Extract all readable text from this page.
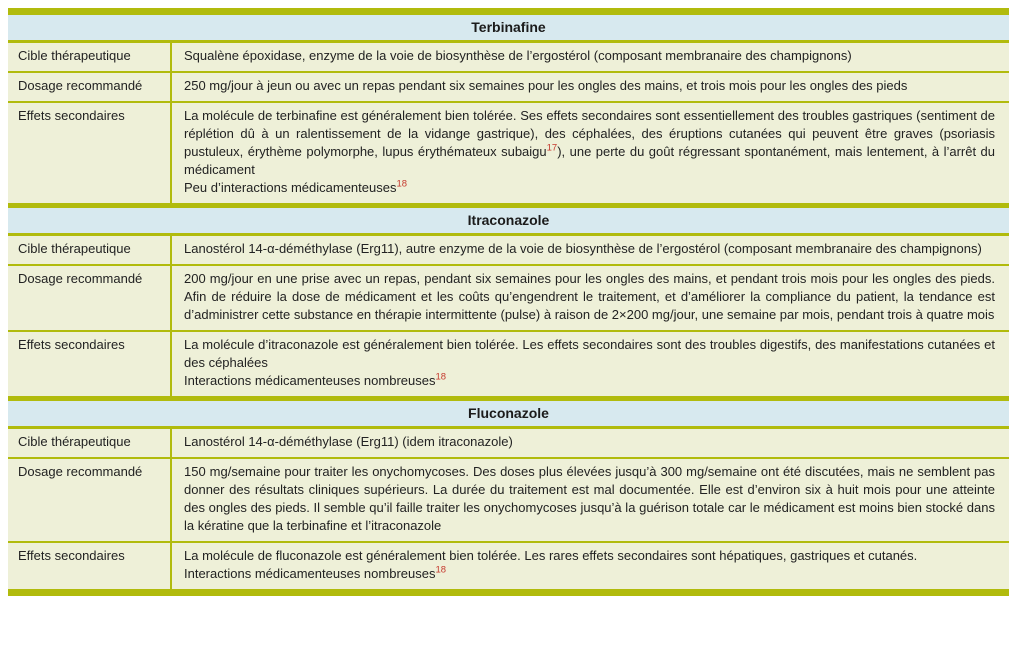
Terbinafine
Cible thérapeutique	Squalène époxidase, enzyme de la voie de biosynthèse de l’ergostérol (composant membranaire des champignons)
Dosage recommandé	250 mg/jour à jeun ou avec un repas pendant six semaines pour les ongles des mains, et trois mois pour les ongles des pieds
Effets secondaires	La molécule de terbinafine est généralement bien tolérée. Ses effets secondaires sont essentiellement des troubles gastriques (sentiment de réplétion dû à un ralentissement de la vidange gastrique), des céphalées, des éruptions cutanées qui peuvent être graves (psoriasis pustuleux, érythème polymorphe, lupus érythémateux subaigu$^{17}$), une perte du goût régressant spontanément, mais lentement, à l’arrêt du médicament
Peu d’interactions médicamenteuses$^{18}$
Itraconazole
Cible thérapeutique	Lanostérol 14-α-déméthylase (Erg11), autre enzyme de la voie de biosynthèse de l’ergostérol (composant membranaire des champignons)
Dosage recommandé	200 mg/jour en une prise avec un repas, pendant six semaines pour les ongles des mains, et pendant trois mois pour les ongles des pieds. Afin de réduire la dose de médicament et les coûts qu’engendrent le traitement, et d’améliorer la compliance du patient, la tendance est d’administrer cette substance en thérapie intermittente (pulse) à raison de 2×200 mg/jour, une semaine par mois, pendant trois à quatre mois
Effets secondaires	La molécule d’itraconazole est généralement bien tolérée. Les effets secondaires sont des troubles digestifs, des manifestations cutanées et des céphalées
Interactions médicamenteuses nombreuses$^{18}$
Fluconazole
Cible thérapeutique	Lanostérol 14-α-déméthylase (Erg11) (idem itraconazole)
Dosage recommandé	150 mg/semaine pour traiter les onychomycoses. Des doses plus élevées jusqu’à 300 mg/semaine ont été discutées, mais ne semblent pas donner des résultats cliniques supérieurs. La durée du traitement est mal documentée. Elle est d’environ six à huit mois pour une atteinte des ongles des pieds. Il semble qu’il faille traiter les onychomycoses jusqu’à la guérison totale car le médicament est moins bien stocké dans la kératine que la terbinafine et l’itraconazole
Effets secondaires	La molécule de fluconazole est généralement bien tolérée. Les rares effets secondaires sont hépatiques, gastriques et cutanés.
Interactions médicamenteuses nombreuses$^{18}$
